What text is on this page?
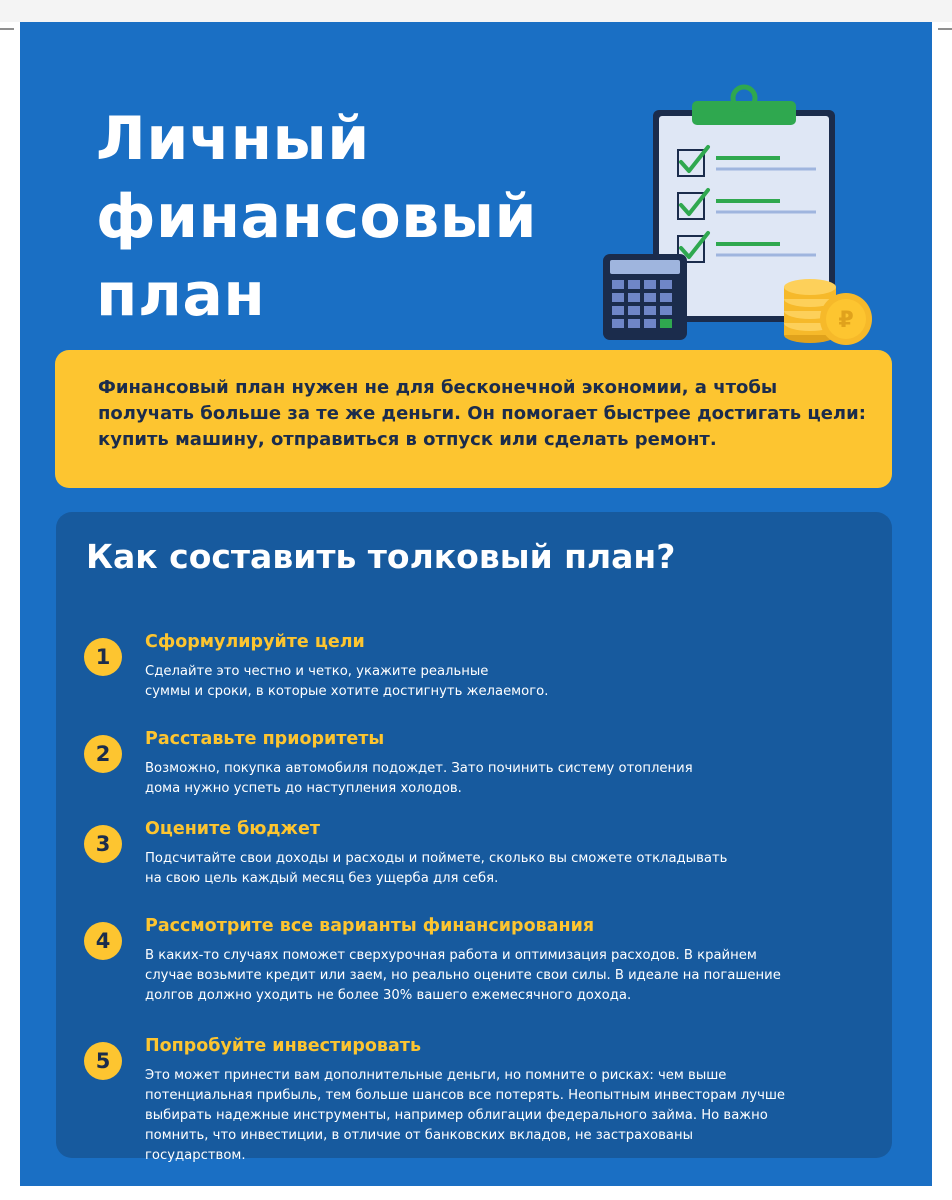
Личный
финансовый
план	₽

Финансовый план нужен не для бесконечной экономии, а чтобы получать больше за те же деньги. Он помогает быстрее достигать цели: купить машину, отправиться в отпуск или сделать ремонт.

Как составить толковый план?
1
Сформулируйте цели

Сделайте это честно и четко, укажите реальные
суммы и сроки, в которые хотите достигнуть желаемого.

2
Расставьте приоритеты

Возможно, покупка автомобиля подождет. Зато починить систему отопления
дома нужно успеть до наступления холодов.

3
Оцените бюджет

Подсчитайте свои доходы и расходы и поймете, сколько вы сможете откладывать
на свою цель каждый месяц без ущерба для себя.

4
Рассмотрите все варианты финансирования

В каких-то случаях поможет сверхурочная работа и оптимизация расходов. В крайнем
случае возьмите кредит или заем, но реально оцените свои силы. В идеале на погашение
долгов должно уходить не более 30% вашего ежемесячного дохода.

5
Попробуйте инвестировать

Это может принести вам дополнительные деньги, но помните о рисках: чем выше
потенциальная прибыль, тем больше шансов все потерять. Неопытным инвесторам лучше
выбирать надежные инструменты, например облигации федерального займа. Но важно
помнить, что инвестиции, в отличие от банковских вкладов, не застрахованы
государством.
